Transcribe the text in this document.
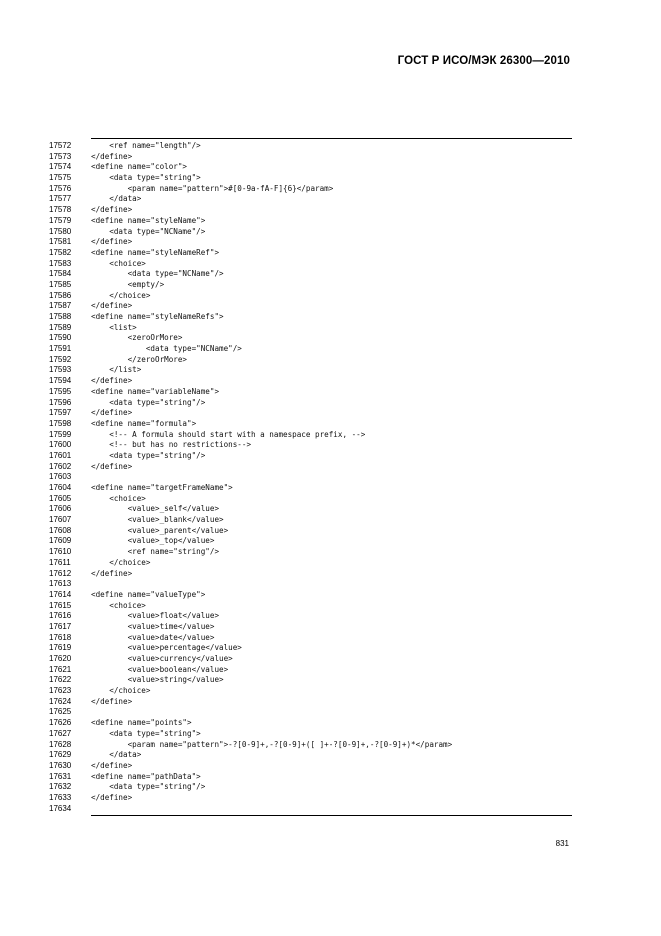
ГОСТ Р ИСО/МЭК 26300—2010
17572	<ref name="length"/>
17573	</define>
17574	<define name="color">
17575	<data type="string">
17576	<param name="pattern">#[0-9a-fA-F]{6}</param>
17577	</data>
17578	</define>
17579	<define name="styleName">
17580	<data type="NCName"/>
17581	</define>
17582	<define name="styleNameRef">
17583	<choice>
17584	<data type="NCName"/>
17585	<empty/>
17586	</choice>
17587	</define>
17588	<define name="styleNameRefs">
17589	<list>
17590	<zeroOrMore>
17591	<data type="NCName"/>
17592	</zeroOrMore>
17593	</list>
17594	</define>
17595	<define name="variableName">
17596	<data type="string"/>
17597	</define>
17598	<define name="formula">
17599	<!-- A formula should start with a namespace prefix, -->
17600	<!-- but has no restrictions-->
17601	<data type="string"/>
17602	</define>
17603
17604	<define name="targetFrameName">
17605	<choice>
17606	<value>_self</value>
17607	<value>_blank</value>
17608	<value>_parent</value>
17609	<value>_top</value>
17610	<ref name="string"/>
17611	</choice>
17612	</define>
17613
17614	<define name="valueType">
17615	<choice>
17616	<value>float</value>
17617	<value>time</value>
17618	<value>date</value>
17619	<value>percentage</value>
17620	<value>currency</value>
17621	<value>boolean</value>
17622	<value>string</value>
17623	</choice>
17624	</define>
17625
17626	<define name="points">
17627	<data type="string">
17628	<param name="pattern">-?[0-9]+,-?[0-9]+([ ]+-?[0-9]+,-?[0-9]+)*</param>
17629	</data>
17630	</define>
17631	<define name="pathData">
17632	<data type="string"/>
17633	</define>
17634
831
